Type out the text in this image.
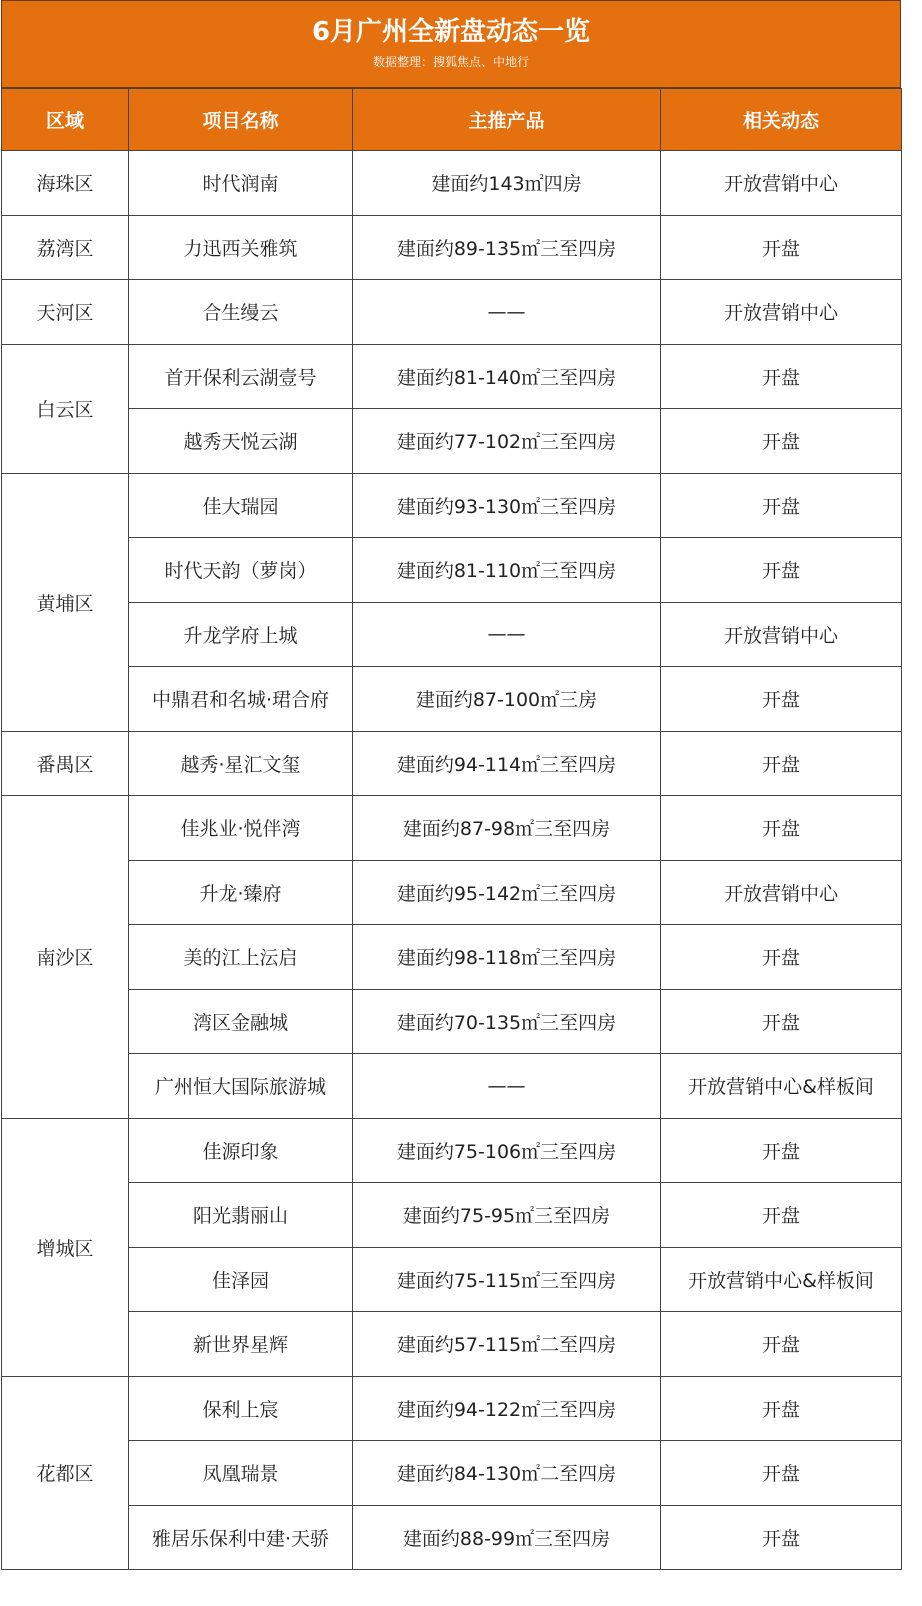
6月广州全新盘动态一览
数据整理：搜狐焦点、中地行
区域	项目名称	主推产品	相关动态
海珠区	时代润南	建面约143㎡四房	开放营销中心
荔湾区	力迅西关雅筑	建面约89-135㎡三至四房	开盘
天河区	合生缦云	——	开放营销中心
白云区	首开保利云湖壹号	建面约81-140㎡三至四房	开盘
	越秀天悦云湖	建面约77-102㎡三至四房	开盘
黄埔区	佳大瑞园	建面约93-130㎡三至四房	开盘
	时代天韵（萝岗）	建面约81-110㎡三至四房	开盘
	升龙学府上城	——	开放营销中心
	中鼎君和名城·珺合府	建面约87-100㎡三房	开盘
番禺区	越秀·星汇文玺	建面约94-114㎡三至四房	开盘
南沙区	佳兆业·悦伴湾	建面约87-98㎡三至四房	开盘
	升龙·臻府	建面约95-142㎡三至四房	开放营销中心
	美的江上沄启	建面约98-118㎡三至四房	开盘
	湾区金融城	建面约70-135㎡三至四房	开盘
	广州恒大国际旅游城	——	开放营销中心&样板间
增城区	佳源印象	建面约75-106㎡三至四房	开盘
	阳光翡丽山	建面约75-95㎡三至四房	开盘
	佳泽园	建面约75-115㎡三至四房	开放营销中心&样板间
	新世界星辉	建面约57-115㎡二至四房	开盘
花都区	保利上宸	建面约94-122㎡三至四房	开盘
	凤凰瑞景	建面约84-130㎡二至四房	开盘
	雅居乐保利中建·天骄	建面约88-99㎡三至四房	开盘
